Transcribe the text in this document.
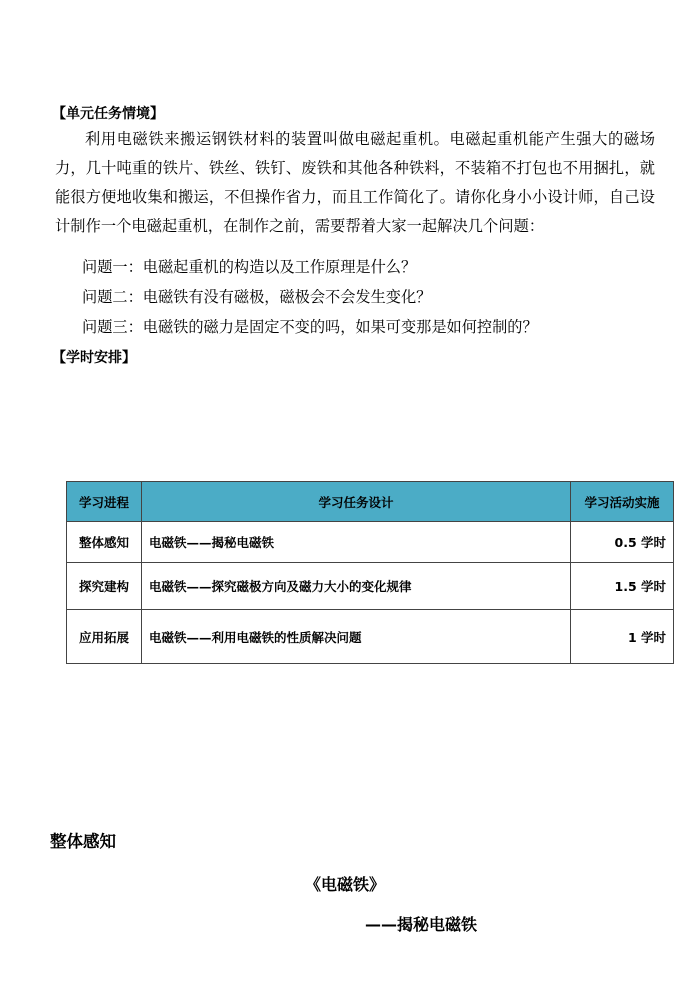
【单元任务情境】

利用电磁铁来搬运钢铁材料的装置叫做电磁起重机。电磁起重机能产生强大的磁场力，几十吨重的铁片、铁丝、铁钉、废铁和其他各种铁料，不装箱不打包也不用捆扎，就能很方便地收集和搬运，不但操作省力，而且工作简化了。请你化身小小设计师，自己设计制作一个电磁起重机，在制作之前，需要帮着大家一起解决几个问题：

问题一：电磁起重机的构造以及工作原理是什么？
问题二：电磁铁有没有磁极，磁极会不会发生变化？
问题三：电磁铁的磁力是固定不变的吗，如果可变那是如何控制的？
【学时安排】
学习进程	学习任务设计	学习活动实施
整体感知	电磁铁——揭秘电磁铁	0.5 学时
探究建构	电磁铁——探究磁极方向及磁力大小的变化规律	1.5 学时
应用拓展	电磁铁——利用电磁铁的性质解决问题	1 学时
整体感知
《电磁铁》
——揭秘电磁铁
